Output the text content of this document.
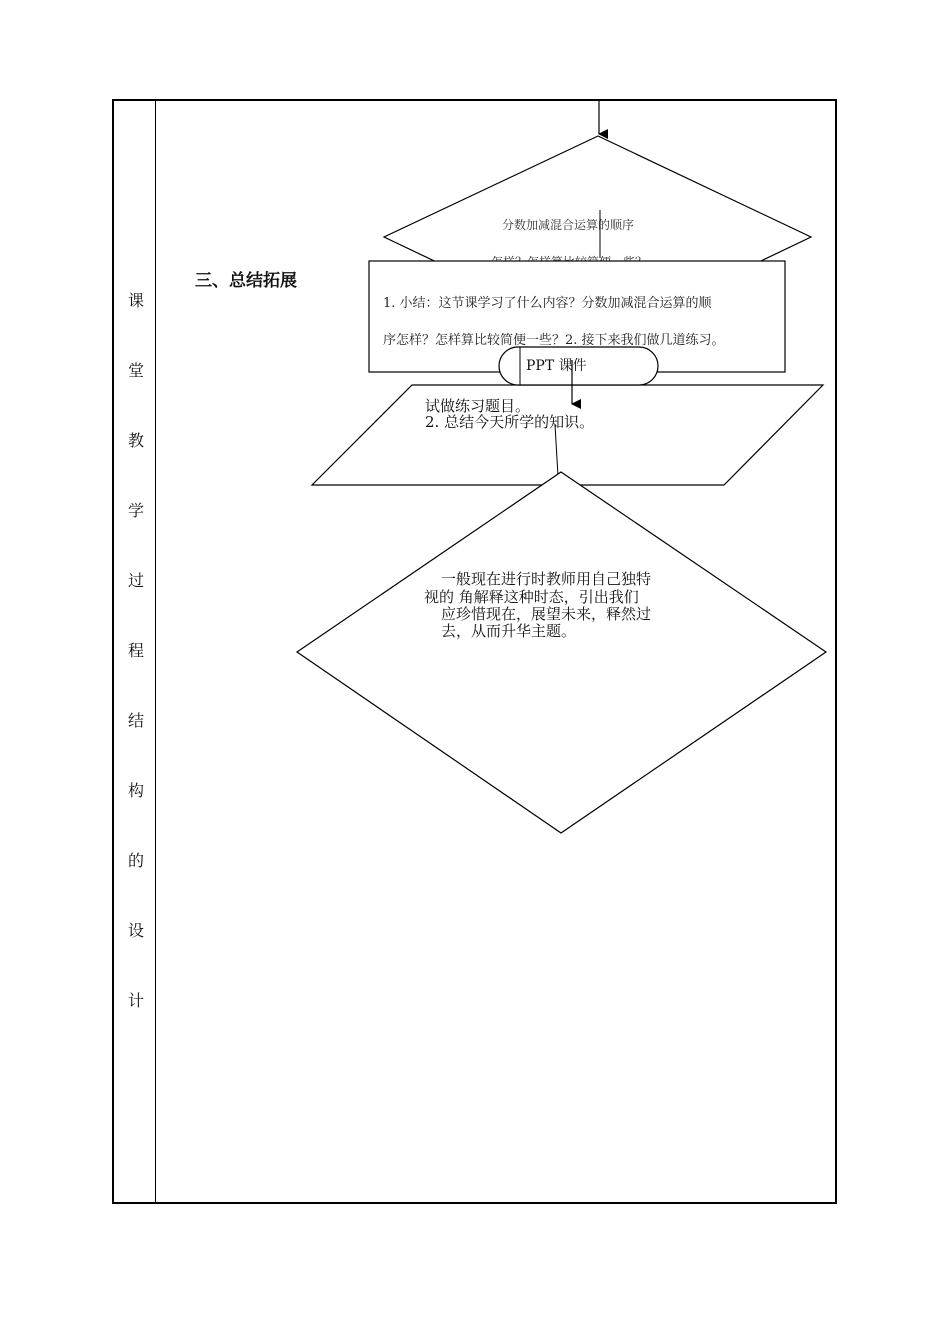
课
堂
教
学
过
程
结
构
的
设
计
三、总结拓展
分数加减混合运算的顺序
1. 小结：这节课学习了什么内容？分数加减混合运算的顺
序怎样？怎样算比较简便一些？2. 接下来我们做几道练习。
PPT 课件
试做练习题目。
2. 总结今天所学的知识。
一般现在进行时教师用自己独特
视的 角解释这种时态，引出我们
应珍惜现在，展望未来，释然过
去，从而升华主题。
